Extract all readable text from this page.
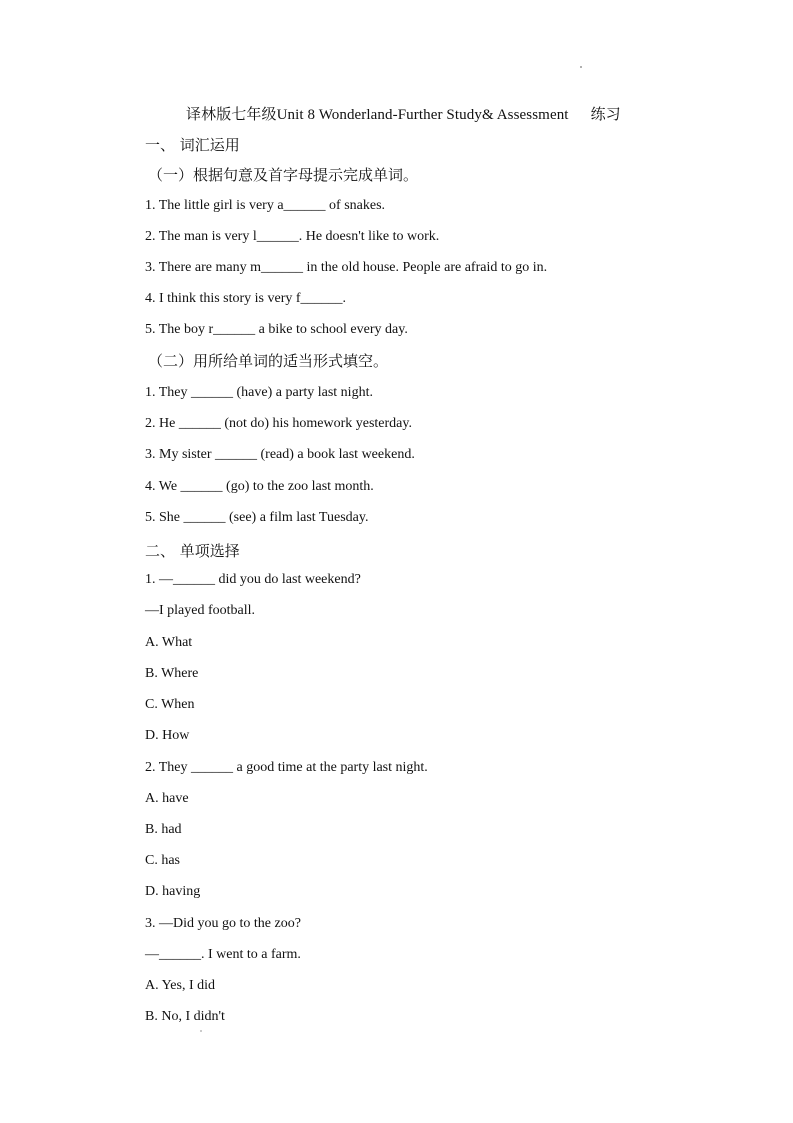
译林版七年级Unit 8 Wonderland-Further Study& Assessment 练习
一、 词汇运用
（一）根据句意及首字母提示完成单词。
1. The little girl is very a______ of snakes.
2. The man is very l______. He doesn't like to work.
3. There are many m______ in the old house. People are afraid to go in.
4. I think this story is very f______.
5. The boy r______ a bike to school every day.
（二）用所给单词的适当形式填空。
1. They ______ (have) a party last night.
2. He ______ (not do) his homework yesterday.
3. My sister ______ (read) a book last weekend.
4. We ______ (go) to the zoo last month.
5. She ______ (see) a film last Tuesday.
二、 单项选择
1. —______ did you do last weekend?
—I played football.
A. What
B. Where
C. When
D. How
2. They ______ a good time at the party last night.
A. have
B. had
C. has
D. having
3. —Did you go to the zoo?
—______. I went to a farm.
A. Yes, I did
B. No, I didn't
